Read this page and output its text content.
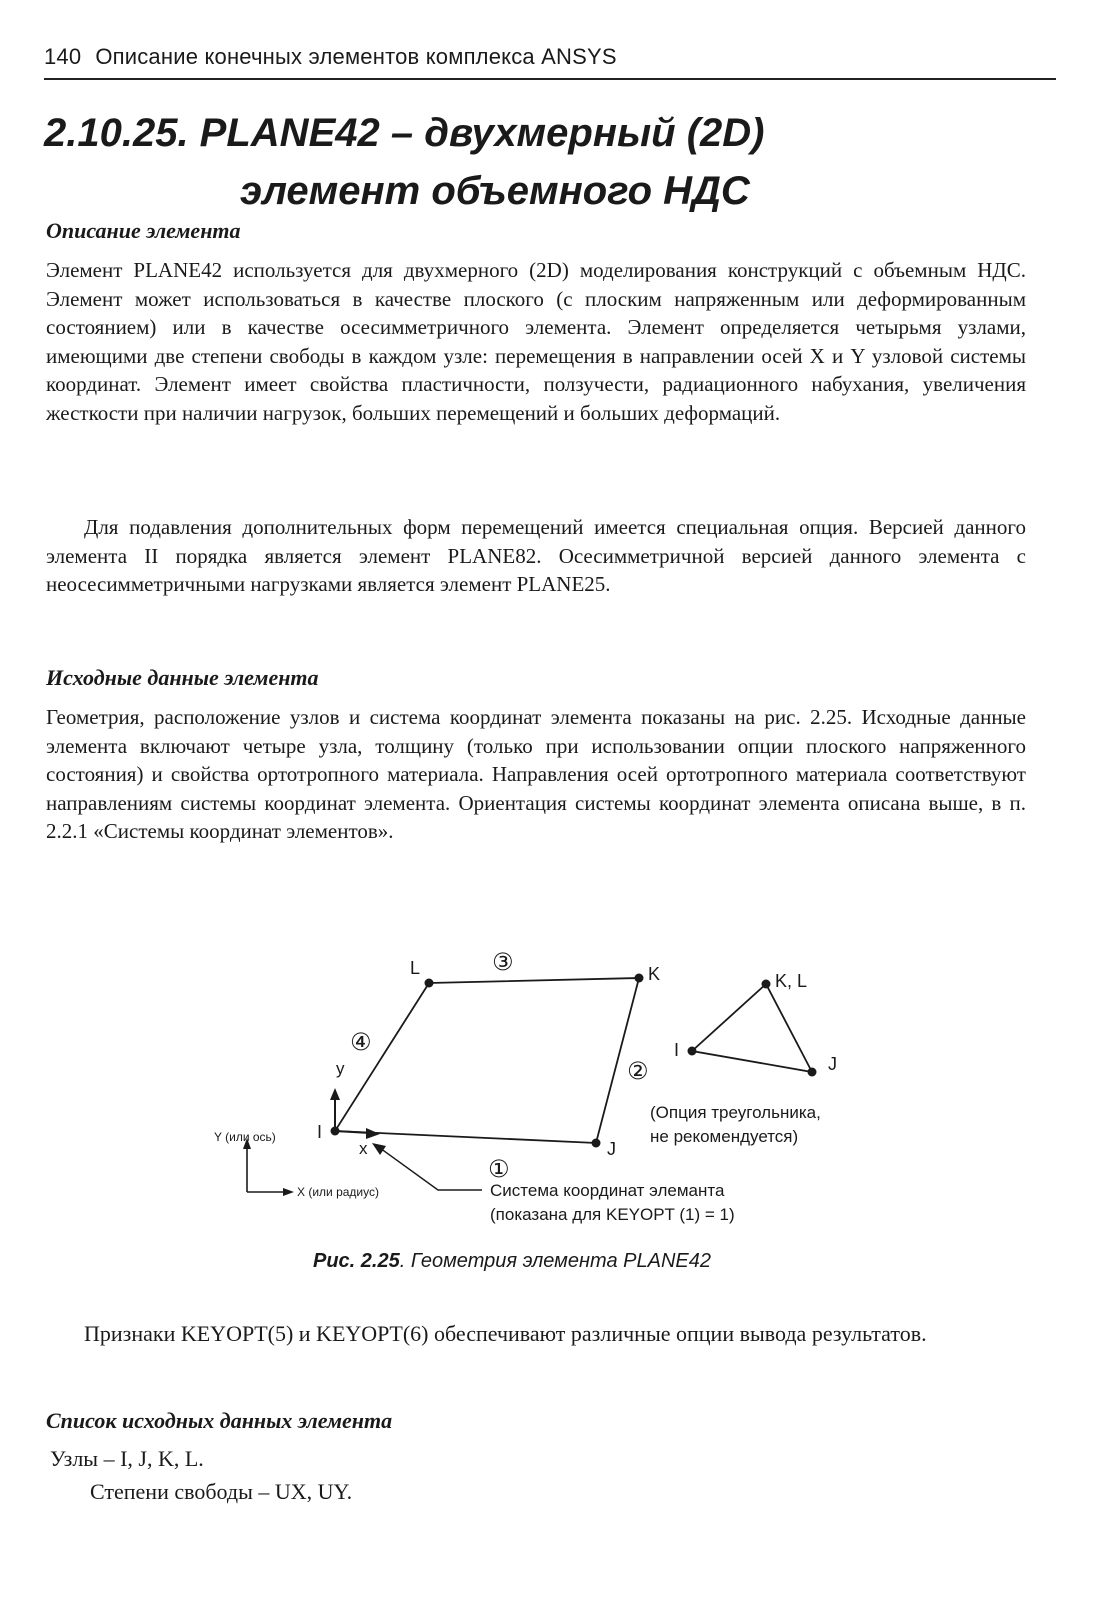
140 Описание конечных элементов комплекса ANSYS
2.10.25. PLANE42 – двухмерный (2D)
элемент объемного НДС
Описание элемента

Элемент PLANE42 используется для двухмерного (2D) моделирования конструкций с объемным НДС. Элемент может использоваться в качестве плоского (с плоским напряженным или деформированным состоянием) или в качестве осесимметричного элемента. Элемент определяется четырьмя узлами, имеющими две степени свободы в каждом узле: перемещения в направлении осей X и Y узловой системы координат. Элемент имеет свойства пластичности, ползучести, радиационного набухания, увеличения жесткости при наличии нагрузок, больших перемещений и больших деформаций.

Для подавления дополнительных форм перемещений имеется специальная опция. Версией данного элемента II порядка является элемент PLANE82. Осесимметричной версией данного элемента с неосесимметричными нагрузками является элемент PLANE25.

Исходные данные элемента

Геометрия, расположение узлов и система координат элемента показаны на рис. 2.25. Исходные данные элемента включают четыре узла, толщину (только при использовании опции плоского напряженного состояния) и свойства ортотропного материала. Направления осей ортотропного материала соответствуют направлениям системы координат элемента. Ориентация системы координат элемента описана выше, в п. 2.2.1 «Системы координат элементов».

I
J
K
L	③
②
④
①
y
x
Y (или ось)
X (или радиус)	Система координат элеманта
(показана для KEYOPT (1) = 1)
I
K, L
J
(Опция треугольника,
не рекомендуется)
Рис. 2.25. Геометрия элемента PLANE42

Признаки KEYOPT(5) и KEYOPT(6) обеспечивают различные опции вывода результатов.

Список исходных данных элемента
Узлы – I, J, K, L.
Степени свободы – UX, UY.
